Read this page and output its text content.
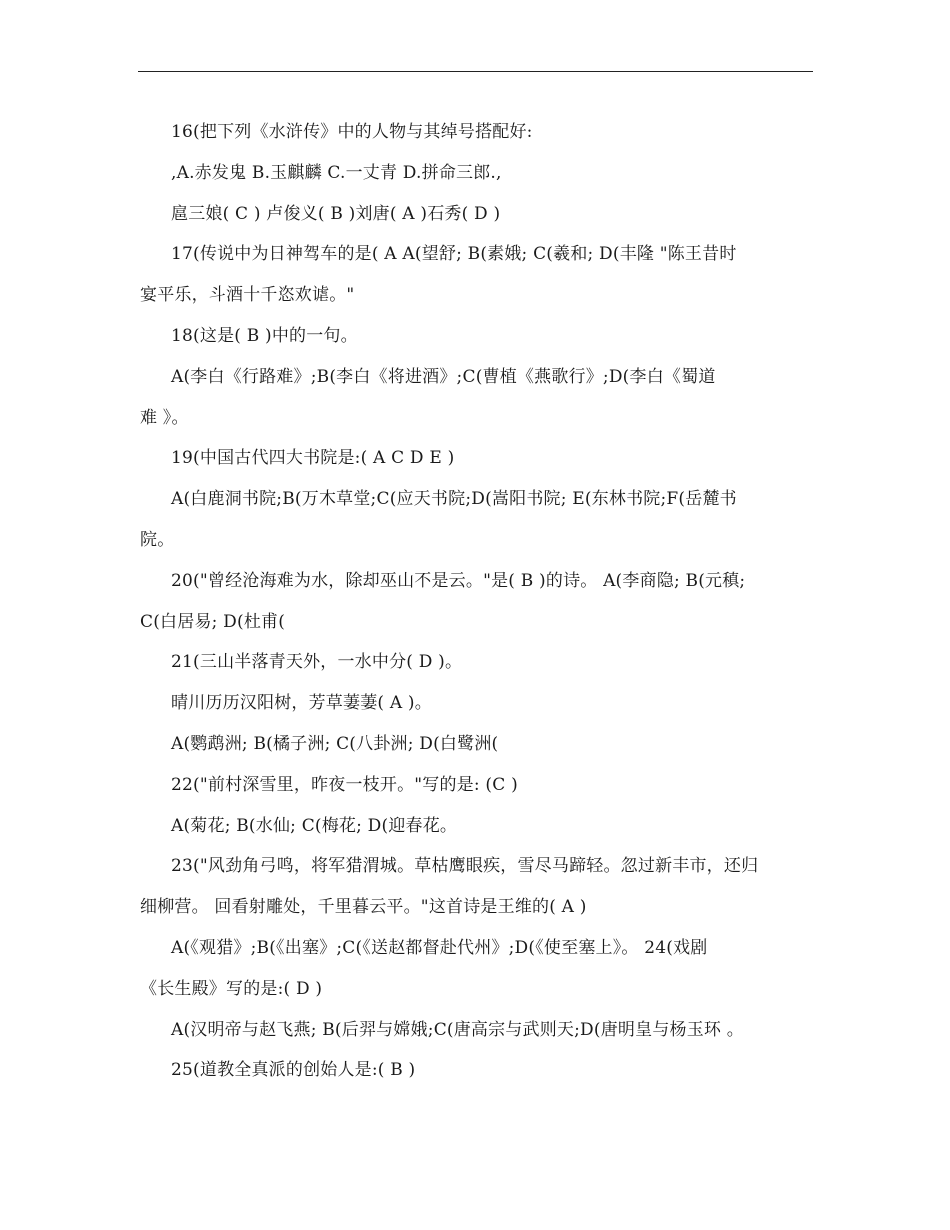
16(把下列《水浒传》中的人物与其绰号搭配好:
,A.赤发鬼 B.玉麒麟 C.一丈青 D.拼命三郎.,
扈三娘( C ) 卢俊义( B )刘唐( A )石秀( D )
17(传说中为日神驾车的是( A A(望舒; B(素娥; C(羲和; D(丰隆 "陈王昔时
宴平乐，斗酒十千恣欢谑。"
18(这是( B )中的一句。
A(李白《行路难》;B(李白《将进酒》;C(曹植《燕歌行》;D(李白《蜀道
难 》。
19(中国古代四大书院是:( A C D E )
A(白鹿洞书院;B(万木草堂;C(应天书院;D(嵩阳书院; E(东林书院;F(岳麓书
院。
20("曾经沧海难为水，除却巫山不是云。"是( B )的诗。 A(李商隐; B(元稹;
C(白居易; D(杜甫(
21(三山半落青天外，一水中分( D )。
晴川历历汉阳树，芳草萋萋( A )。
A(鹦鹉洲; B(橘子洲; C(八卦洲; D(白鹭洲(
22("前村深雪里，昨夜一枝开。"写的是: (C )
A(菊花; B(水仙; C(梅花; D(迎春花。
23("风劲角弓鸣，将军猎渭城。草枯鹰眼疾，雪尽马蹄轻。忽过新丰市，还归
细柳营。 回看射雕处，千里暮云平。"这首诗是王维的( A )
A(《观猎》;B(《出塞》;C(《送赵都督赴代州》;D(《使至塞上》。 24(戏剧
《长生殿》写的是:( D )
A(汉明帝与赵飞燕; B(后羿与嫦娥;C(唐高宗与武则天;D(唐明皇与杨玉环 。
25(道教全真派的创始人是:( B )
